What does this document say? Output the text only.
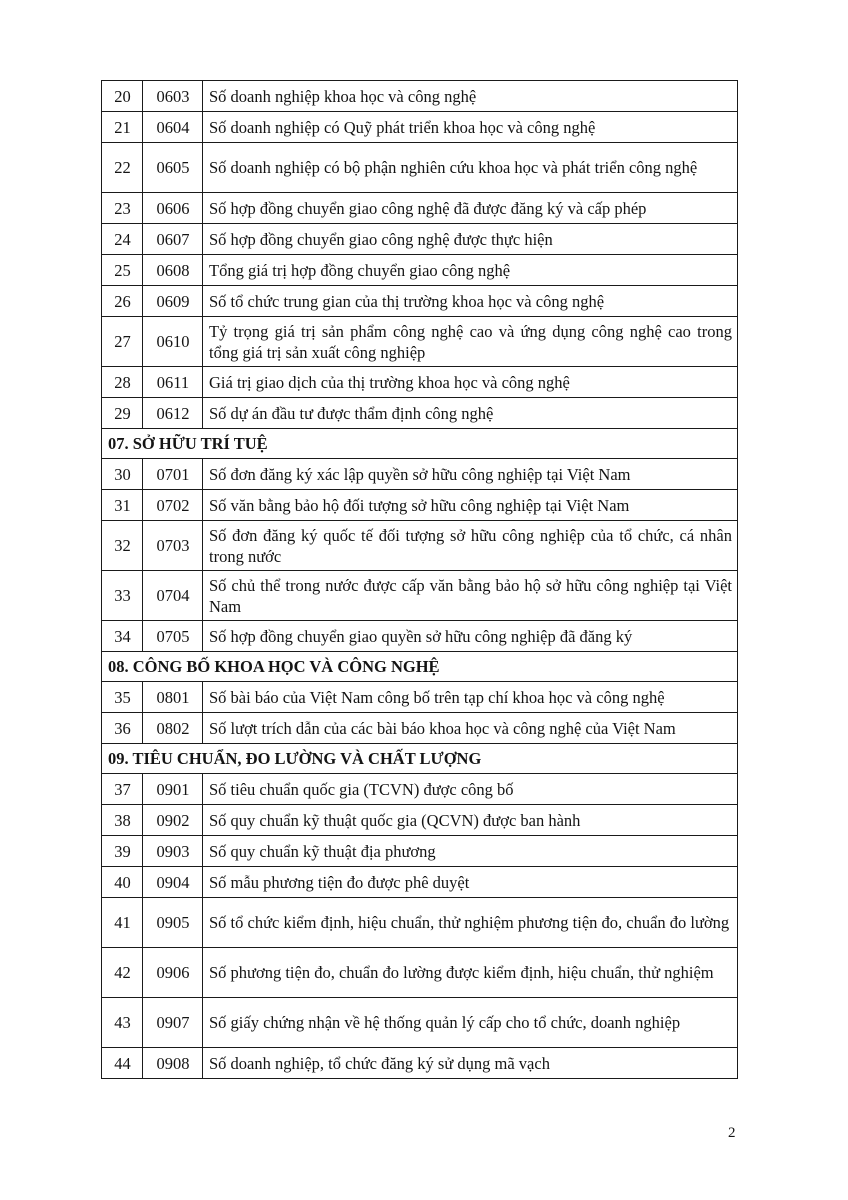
20	0603	Số doanh nghiệp khoa học và công nghệ
21	0604	Số doanh nghiệp có Quỹ phát triển khoa học và công nghệ
22	0605	Số doanh nghiệp có bộ phận nghiên cứu khoa học và phát triển công nghệ
23	0606	Số hợp đồng chuyển giao công nghệ đã được đăng ký và cấp phép
24	0607	Số hợp đồng chuyển giao công nghệ được thực hiện
25	0608	Tổng giá trị hợp đồng chuyển giao công nghệ
26	0609	Số tổ chức trung gian của thị trường khoa học và công nghệ
27	0610	Tỷ trọng giá trị sản phẩm công nghệ cao và ứng dụng công nghệ cao trong tổng giá trị sản xuất công nghiệp
28	0611	Giá trị giao dịch của thị trường khoa học và công nghệ
29	0612	Số dự án đầu tư được thẩm định công nghệ
07. SỞ HỮU TRÍ TUỆ		
30	0701	Số đơn đăng ký xác lập quyền sở hữu công nghiệp tại Việt Nam
31	0702	Số văn bằng bảo hộ đối tượng sở hữu công nghiệp tại Việt Nam
32	0703	Số đơn đăng ký quốc tế đối tượng sở hữu công nghiệp của tổ chức, cá nhân trong nước
33	0704	Số chủ thể trong nước được cấp văn bằng bảo hộ sở hữu công nghiệp tại Việt Nam
34	0705	Số hợp đồng chuyển giao quyền sở hữu công nghiệp đã đăng ký
08. CÔNG BỐ KHOA HỌC VÀ CÔNG NGHỆ		
35	0801	Số bài báo của Việt Nam công bố trên tạp chí khoa học và công nghệ
36	0802	Số lượt trích dẫn của các bài báo khoa học và công nghệ của Việt Nam
09. TIÊU CHUẨN, ĐO LƯỜNG VÀ CHẤT LƯỢNG		
37	0901	Số tiêu chuẩn quốc gia (TCVN) được công bố
38	0902	Số quy chuẩn kỹ thuật quốc gia (QCVN) được ban hành
39	0903	Số quy chuẩn kỹ thuật địa phương
40	0904	Số mẫu phương tiện đo được phê duyệt
41	0905	Số tổ chức kiểm định, hiệu chuẩn, thử nghiệm phương tiện đo, chuẩn đo lường
42	0906	Số phương tiện đo, chuẩn đo lường được kiểm định, hiệu chuẩn, thử nghiệm
43	0907	Số giấy chứng nhận về hệ thống quản lý cấp cho tổ chức, doanh nghiệp
44	0908	Số doanh nghiệp, tổ chức đăng ký sử dụng mã vạch
2
